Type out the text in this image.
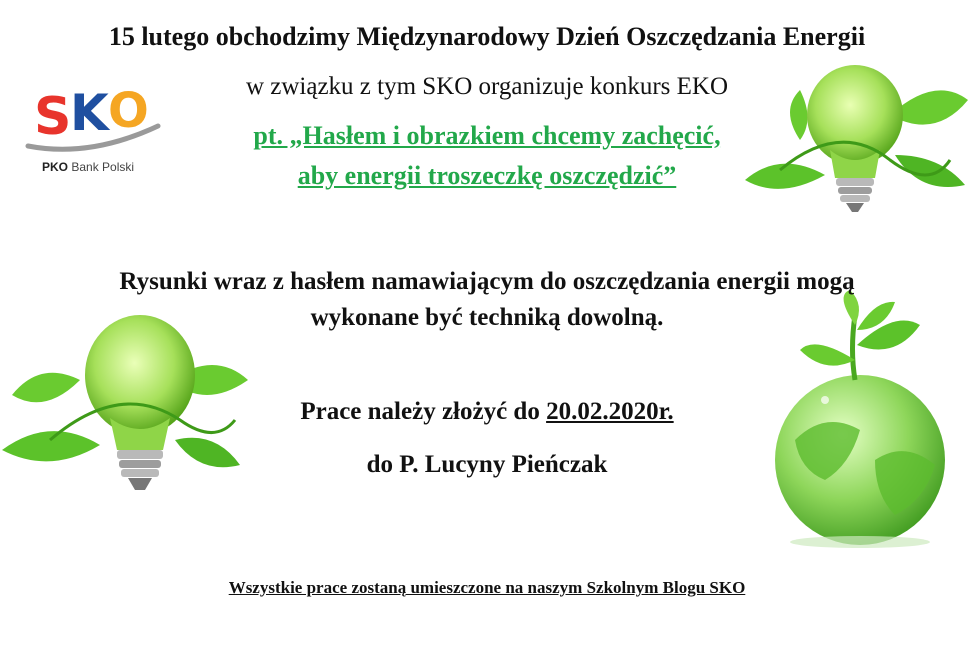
S
K O
PKO Bank Polski
15 lutego obchodzimy Międzynarodowy Dzień Oszczędzania Energii
w związku z tym SKO organizuje konkurs EKO
pt. „Hasłem i obrazkiem chcemy zachęcić,
aby energii troszeczkę oszczędzić”
Rysunki wraz z hasłem namawiającym do oszczędzania energii mogą
wykonane być techniką dowolną.
Prace należy złożyć do 20.02.2020r.
do P. Lucyny Pieńczak
Wszystkie prace zostaną umieszczone na naszym Szkolnym Blogu SKO
